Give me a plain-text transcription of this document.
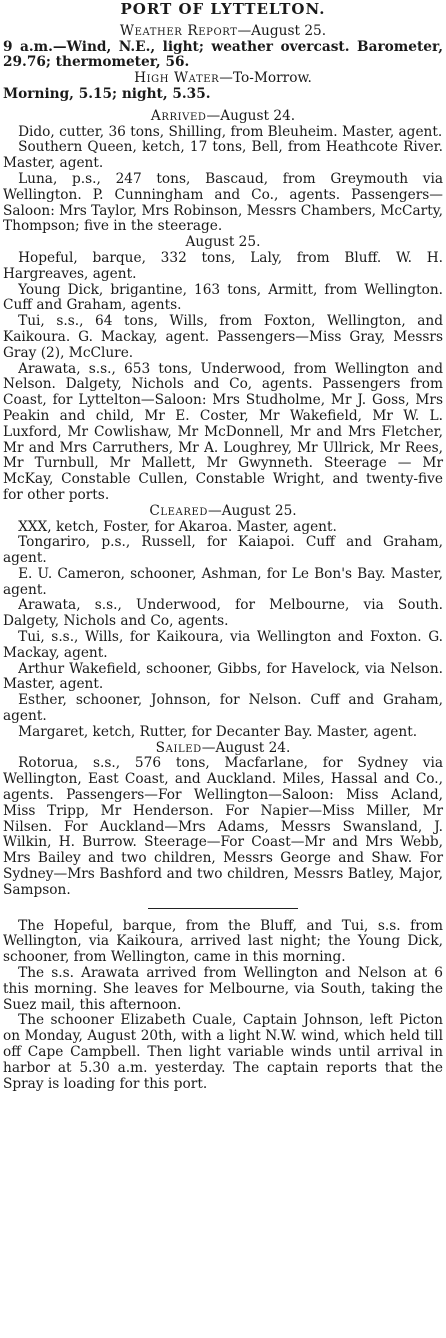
PORT OF LYTTELTON.
Weather Report—August 25.

9 a.m.—Wind, N.E., light; weather overcast. Barometer, 29.76; thermometer, 56.

High Water—To-Morrow.

Morning, 5.15; night, 5.35.

Arrived—August 24.

Dido, cutter, 36 tons, Shilling, from Bleuheim. Master, agent.

Southern Queen, ketch, 17 tons, Bell, from Heathcote River. Master, agent.

Luna, p.s., 247 tons, Bascaud, from Greymouth via Wellington. P. Cunningham and Co., agents. Passengers—Saloon: Mrs Taylor, Mrs Robinson, Messrs Chambers, McCarty, Thompson; five in the steerage.

August 25.

Hopeful, barque, 332 tons, Laly, from Bluff. W. H. Hargreaves, agent.

Young Dick, brigantine, 163 tons, Armitt, from Wellington. Cuff and Graham, agents.

Tui, s.s., 64 tons, Wills, from Foxton, Wellington, and Kaikoura. G. Mackay, agent. Passengers—Miss Gray, Messrs Gray (2), McClure.

Arawata, s.s., 653 tons, Underwood, from Wellington and Nelson. Dalgety, Nichols and Co, agents. Passengers from Coast, for Lyttelton—Saloon: Mrs Studholme, Mr J. Goss, Mrs Peakin and child, Mr E. Coster, Mr Wakefield, Mr W. L. Luxford, Mr Cowlishaw, Mr McDonnell, Mr and Mrs Fletcher, Mr and Mrs Carruthers, Mr A. Loughrey, Mr Ullrick, Mr Rees, Mr Turnbull, Mr Mallett, Mr Gwynneth. Steerage — Mr McKay, Constable Cullen, Constable Wright, and twenty-five for other ports.

Cleared—August 25.

XXX, ketch, Foster, for Akaroa. Master, agent.

Tongariro, p.s., Russell, for Kaiapoi. Cuff and Graham, agent.

E. U. Cameron, schooner, Ashman, for Le Bon's Bay. Master, agent.

Arawata, s.s., Underwood, for Melbourne, via South. Dalgety, Nichols and Co, agents.

Tui, s.s., Wills, for Kaikoura, via Wellington and Foxton. G. Mackay, agent.

Arthur Wakefield, schooner, Gibbs, for Havelock, via Nelson. Master, agent.

Esther, schooner, Johnson, for Nelson. Cuff and Graham, agent.

Margaret, ketch, Rutter, for Decanter Bay. Master, agent.

Sailed—August 24.

Rotorua, s.s., 576 tons, Macfarlane, for Sydney via Wellington, East Coast, and Auckland. Miles, Hassal and Co., agents. Passengers—For Wellington—Saloon: Miss Acland, Miss Tripp, Mr Henderson. For Napier—Miss Miller, Mr Nilsen. For Auckland—Mrs Adams, Messrs Swansland, J. Wilkin, H. Burrow. Steerage—For Coast—Mr and Mrs Webb, Mrs Bailey and two children, Messrs George and Shaw. For Sydney—Mrs Bashford and two children, Messrs Batley, Major, Sampson.

The Hopeful, barque, from the Bluff, and Tui, s.s. from Wellington, via Kaikoura, arrived last night; the Young Dick, schooner, from Wellington, came in this morning.

The s.s. Arawata arrived from Wellington and Nelson at 6 this morning. She leaves for Melbourne, via South, taking the Suez mail, this afternoon.

The schooner Elizabeth Cuale, Captain Johnson, left Picton on Monday, August 20th, with a light N.W. wind, which held till off Cape Campbell. Then light variable winds until arrival in harbor at 5.30 a.m. yesterday. The captain reports that the Spray is loading for this port.
